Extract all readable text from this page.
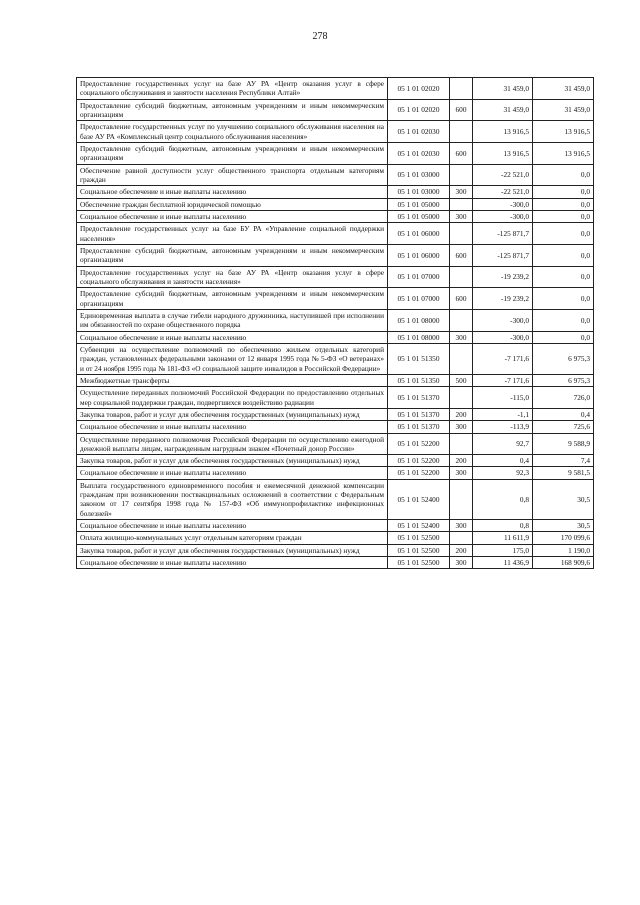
278
Предоставление государственных услуг на базе АУ РА «Центр оказания услуг в сфере социального обслуживания и занятости населения Республики Алтай»	05 1 01 02020		31 459,0	31 459,0
Предоставление субсидий бюджетным, автономным учреждениям и иным некоммерческим организациям	05 1 01 02020	600	31 459,0	31 459,0
Предоставление государственных услуг по улучшению социального обслуживания населения на базе АУ РА «Комплексный центр социального обслуживания населения»	05 1 01 02030		13 916,5	13 916,5
Предоставление субсидий бюджетным, автономным учреждениям и иным некоммерческим организациям	05 1 01 02030	600	13 916,5	13 916,5
Обеспечение равной доступности услуг общественного транспорта отдельным категориям граждан	05 1 01 03000		-22 521,0	0,0
Социальное обеспечение и иные выплаты населению	05 1 01 03000	300	-22 521,0	0,0
Обеспечение граждан бесплатной юридической помощью	05 1 01 05000		-300,0	0,0
Социальное обеспечение и иные выплаты населению	05 1 01 05000	300	-300,0	0,0
Предоставление государственных услуг на базе БУ РА «Управление социальной поддержки населения»	05 1 01 06000		-125 871,7	0,0
Предоставление субсидий бюджетным, автономным учреждениям и иным некоммерческим организациям	05 1 01 06000	600	-125 871,7	0,0
Предоставление государственных услуг на базе АУ РА «Центр оказания услуг в сфере социального обслуживания и занятости населения»	05 1 01 07000		-19 239,2	0,0
Предоставление субсидий бюджетным, автономным учреждениям и иным некоммерческим организациям	05 1 01 07000	600	-19 239,2	0,0
Единовременная выплата в случае гибели народного дружинника, наступившей при исполнении им обязанностей по охране общественного порядка	05 1 01 08000		-300,0	0,0
Социальное обеспечение и иные выплаты населению	05 1 01 08000	300	-300,0	0,0
Субвенции на осуществление полномочий по обеспечению жильем отдельных категорий граждан, установленных федеральными законами от 12 января 1995 года № 5-ФЗ «О ветеранах» и от 24 ноября 1995 года № 181-ФЗ «О социальной защите инвалидов в Российской Федерации»	05 1 01 51350		-7 171,6	6 975,3
Межбюджетные трансферты	05 1 01 51350	500	-7 171,6	6 975,3
Осуществление переданных полномочий Российской Федерации по предоставлению отдельных мер социальной поддержки граждан, подвергшихся воздействию радиации	05 1 01 51370		-115,0	726,0
Закупка товаров, работ и услуг для обеспечения государственных (муниципальных) нужд	05 1 01 51370	200	-1,1	0,4
Социальное обеспечение и иные выплаты населению	05 1 01 51370	300	-113,9	725,6
Осуществление переданного полномочия Российской Федерации по осуществлению ежегодной денежной выплаты лицам, награжденным нагрудным знаком «Почетный донор России»	05 1 01 52200		92,7	9 588,9
Закупка товаров, работ и услуг для обеспечения государственных (муниципальных) нужд	05 1 01 52200	200	0,4	7,4
Социальное обеспечение и иные выплаты населению	05 1 01 52200	300	92,3	9 581,5
Выплата государственного единовременного пособия и ежемесячной денежной компенсации гражданам при возникновении поствакцинальных осложнений в соответствии с Федеральным законом от 17 сентября 1998 года № 157-ФЗ «Об иммунопрофилактике инфекционных болезней»	05 1 01 52400		0,8	30,5
Социальное обеспечение и иные выплаты населению	05 1 01 52400	300	0,8	30,5
Оплата жилищно-коммунальных услуг отдельным категориям граждан	05 1 01 52500		11 611,9	170 099,6
Закупка товаров, работ и услуг для обеспечения государственных (муниципальных) нужд	05 1 01 52500	200	175,0	1 190,0
Социальное обеспечение и иные выплаты населению	05 1 01 52500	300	11 436,9	168 909,6
